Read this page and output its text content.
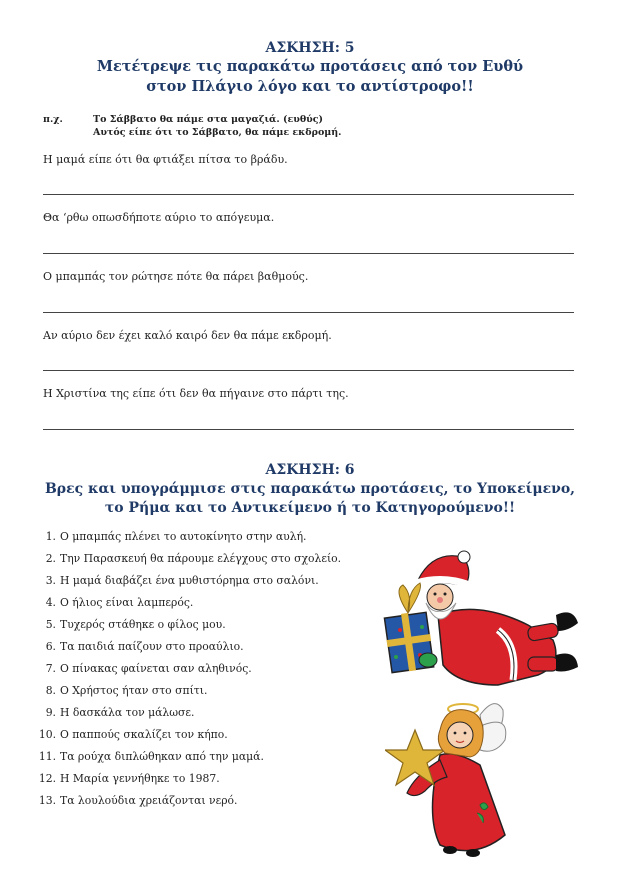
ΑΣΚΗΣΗ: 5
Μετέτρεψε τις παρακάτω προτάσεις από τον Ευθύ
στον Πλάγιο λόγο και το αντίστροφο!!
π.χ.	Το Σάββατο θα πάμε στα μαγαζιά. (ευθύς)
Αυτός είπε ότι το Σάββατο, θα πάμε εκδρομή.
Η μαμά είπε ότι θα φτιάξει πίτσα το βράδυ.
Θα ‘ρθω οπωσδήποτε αύριο το απόγευμα.
Ο μπαμπάς τον ρώτησε πότε θα πάρει βαθμούς.
Αν αύριο δεν έχει καλό καιρό δεν θα πάμε εκδρομή.
Η Χριστίνα της είπε ότι δεν θα πήγαινε στο πάρτι της.
ΑΣΚΗΣΗ: 6
Βρες και υπογράμμισε στις παρακάτω προτάσεις, το Υποκείμενο,
το Ρήμα και το Αντικείμενο ή το Κατηγορούμενο!!
1. Ο μπαμπάς πλένει το αυτοκίνητο στην αυλή.
2. Την Παρασκευή θα πάρουμε ελέγχους στο σχολείο.
3. Η μαμά διαβάζει ένα μυθιστόρημα στο σαλόνι.
4. Ο ήλιος είναι λαμπερός.
5. Τυχερός στάθηκε ο φίλος μου.
6. Τα παιδιά παίζουν στο προαύλιο.
7. Ο πίνακας φαίνεται σαν αληθινός.
8. Ο Χρήστος ήταν στο σπίτι.
9. Η δασκάλα τον μάλωσε.
10. Ο παππούς σκαλίζει τον κήπο.
11. Τα ρούχα διπλώθηκαν από την μαμά.
12. Η Μαρία γεννήθηκε το 1987.
13. Τα λουλούδια χρειάζονται νερό.
